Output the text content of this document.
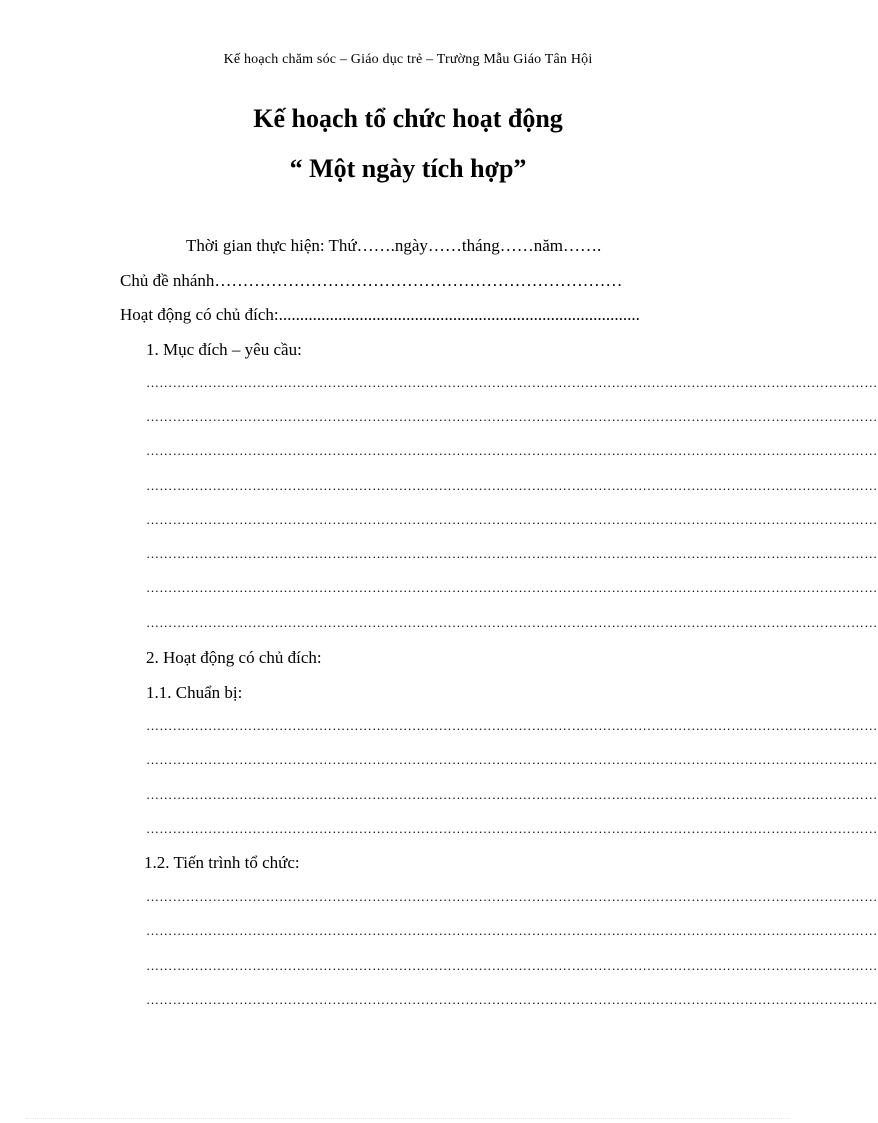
Kế hoạch chăm sóc – Giáo dục trẻ – Trường Mẫu Giáo Tân Hội
Kế hoạch tổ chức hoạt động
“ Một ngày tích hợp”
Thời gian thực hiện: Thứ…….ngày……tháng……năm…….
Chủ đề nhánh………………………………………………………………
Hoạt động có chủ đích:.....................................................................................
1. Mục đích – yêu cầu:
…………………………………………………………………………………………………………………………………………………
…………………………………………………………………………………………………………………………………………………
…………………………………………………………………………………………………………………………………………………
…………………………………………………………………………………………………………………………………………………
…………………………………………………………………………………………………………………………………………………
…………………………………………………………………………………………………………………………………………………
…………………………………………………………………………………………………………………………………………………
…………………………………………………………………………………………………………………………………………………
2. Hoạt động có chủ đích:
1.1. Chuẩn bị:
…………………………………………………………………………………………………………………………………………………
…………………………………………………………………………………………………………………………………………………
…………………………………………………………………………………………………………………………………………………
…………………………………………………………………………………………………………………………………………………
1.2. Tiến trình tổ chức:
…………………………………………………………………………………………………………………………………………………
…………………………………………………………………………………………………………………………………………………
…………………………………………………………………………………………………………………………………………………
…………………………………………………………………………………………………………………………………………………
